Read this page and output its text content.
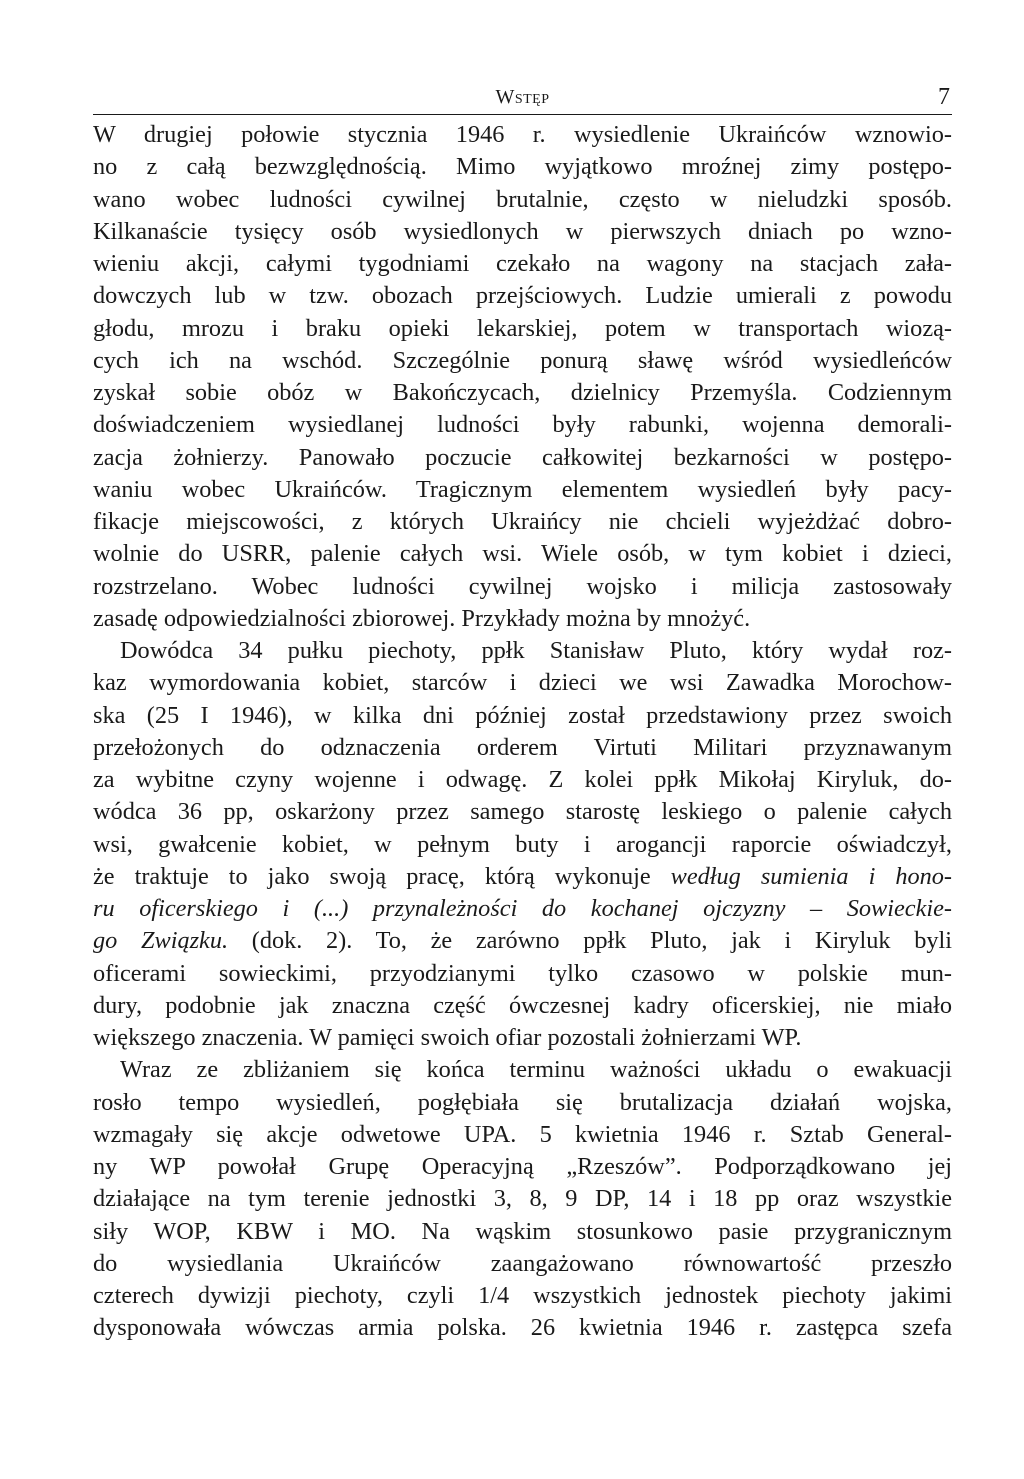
Wstęp	7

W drugiej połowie stycznia 1946 r. wysiedlenie Ukraińców wznowio-
no z całą bezwzględnością. Mimo wyjątkowo mroźnej zimy postępo-
wano wobec ludności cywilnej brutalnie, często w nieludzki sposób.
Kilkanaście tysięcy osób wysiedlonych w pierwszych dniach po wzno-
wieniu akcji, całymi tygodniami czekało na wagony na stacjach zała-
dowczych lub w tzw. obozach przejściowych. Ludzie umierali z powodu
głodu, mrozu i braku opieki lekarskiej, potem w transportach wiozą-
cych ich na wschód. Szczególnie ponurą sławę wśród wysiedleńców
zyskał sobie obóz w Bakończycach, dzielnicy Przemyśla. Codziennym
doświadczeniem wysiedlanej ludności były rabunki, wojenna demorali-
zacja żołnierzy. Panowało poczucie całkowitej bezkarności w postępo-
waniu wobec Ukraińców. Tragicznym elementem wysiedleń były pacy-
fikacje miejscowości, z których Ukraińcy nie chcieli wyjeżdżać dobro-
wolnie do USRR, palenie całych wsi. Wiele osób, w tym kobiet i dzieci,
rozstrzelano. Wobec ludności cywilnej wojsko i milicja zastosowały
zasadę odpowiedzialności zbiorowej. Przykłady można by mnożyć.

Dowódca 34 pułku piechoty, ppłk Stanisław Pluto, który wydał roz-
kaz wymordowania kobiet, starców i dzieci we wsi Zawadka Morochow-
ska (25 I 1946), w kilka dni później został przedstawiony przez swoich
przełożonych do odznaczenia orderem Virtuti Militari przyznawanym
za wybitne czyny wojenne i odwagę. Z kolei ppłk Mikołaj Kiryluk, do-
wódca 36 pp, oskarżony przez samego starostę leskiego o palenie całych
wsi, gwałcenie kobiet, w pełnym buty i arogancji raporcie oświadczył,
że traktuje to jako swoją pracę, którą wykonuje według sumienia i hono-
ru oficerskiego i (...) przynależności do kochanej ojczyzny – Sowieckie-
go Związku. (dok. 2). To, że zarówno ppłk Pluto, jak i Kiryluk byli
oficerami sowieckimi, przyodzianymi tylko czasowo w polskie mun-
dury, podobnie jak znaczna część ówczesnej kadry oficerskiej, nie miało
większego znaczenia. W pamięci swoich ofiar pozostali żołnierzami WP.

Wraz ze zbliżaniem się końca terminu ważności układu o ewakuacji
rosło tempo wysiedleń, pogłębiała się brutalizacja działań wojska,
wzmagały się akcje odwetowe UPA. 5 kwietnia 1946 r. Sztab General-
ny WP powołał Grupę Operacyjną „Rzeszów”. Podporządkowano jej
działające na tym terenie jednostki 3, 8, 9 DP, 14 i 18 pp oraz wszystkie
siły WOP, KBW i MO. Na wąskim stosunkowo pasie przygranicznym
do wysiedlania Ukraińców zaangażowano równowartość przeszło
czterech dywizji piechoty, czyli 1/4 wszystkich jednostek piechoty jakimi
dysponowała wówczas armia polska. 26 kwietnia 1946 r. zastępca szefa
